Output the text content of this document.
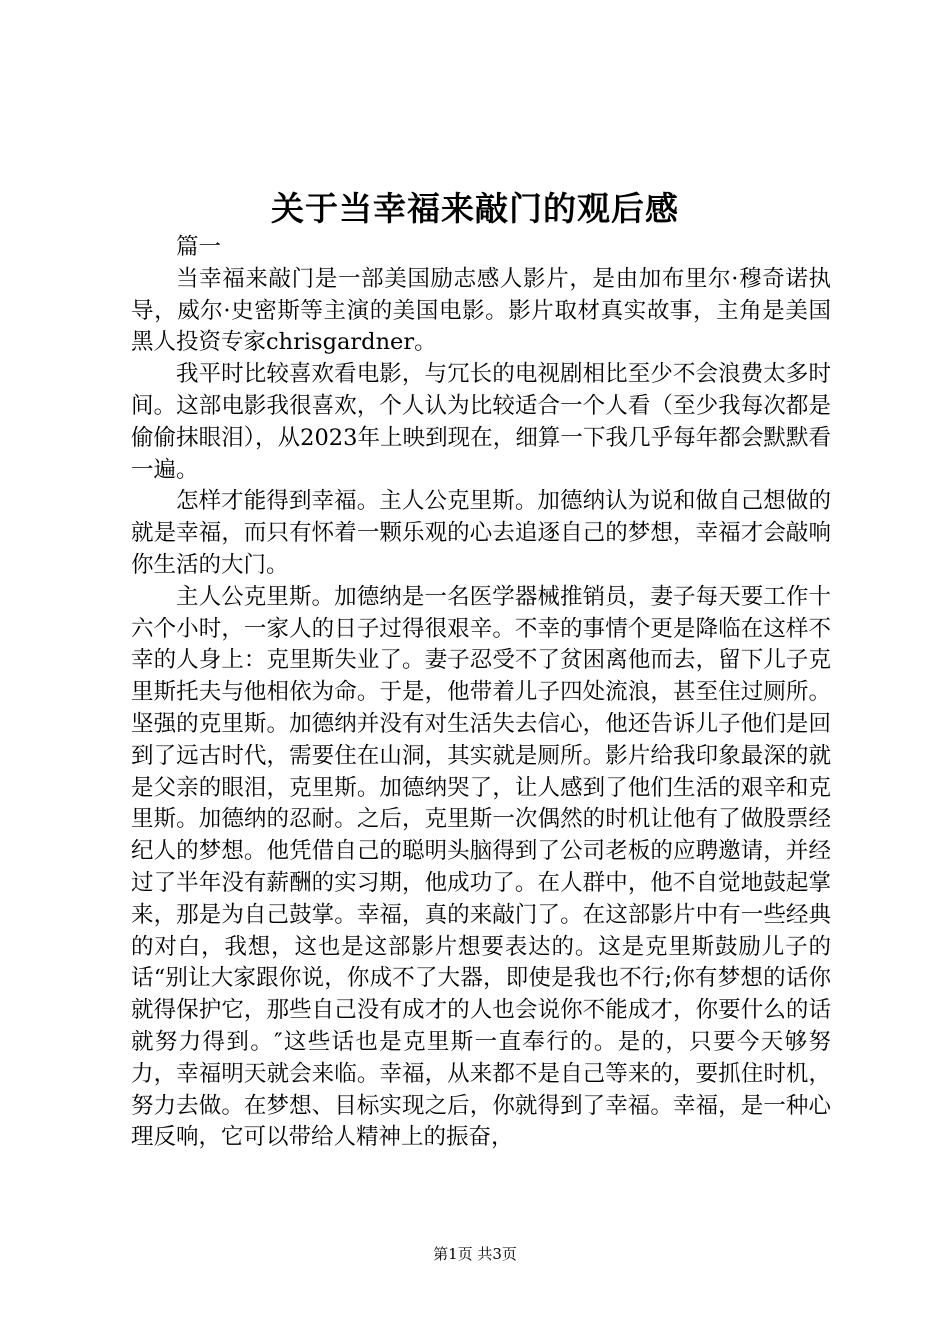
关于当幸福来敲门的观后感

篇一

当幸福来敲门是一部美国励志感人影片，是由加布里尔·穆奇诺执导，威尔·史密斯等主演的美国电影。影片取材真实故事，主角是美国黑人投资专家chrisgardner。

我平时比较喜欢看电影，与冗长的电视剧相比至少不会浪费太多时间。这部电影我很喜欢，个人认为比较适合一个人看（至少我每次都是偷偷抹眼泪），从2023年上映到现在，细算一下我几乎每年都会默默看一遍。

怎样才能得到幸福。主人公克里斯。加德纳认为说和做自己想做的就是幸福，而只有怀着一颗乐观的心去追逐自己的梦想，幸福才会敲响你生活的大门。

主人公克里斯。加德纳是一名医学器械推销员，妻子每天要工作十六个小时，一家人的日子过得很艰辛。不幸的事情个更是降临在这样不幸的人身上：克里斯失业了。妻子忍受不了贫困离他而去，留下儿子克里斯托夫与他相依为命。于是，他带着儿子四处流浪，甚至住过厕所。坚强的克里斯。加德纳并没有对生活失去信心，他还告诉儿子他们是回到了远古时代，需要住在山洞，其实就是厕所。影片给我印象最深的就是父亲的眼泪，克里斯。加德纳哭了，让人感到了他们生活的艰辛和克里斯。加德纳的忍耐。之后，克里斯一次偶然的时机让他有了做股票经纪人的梦想。他凭借自己的聪明头脑得到了公司老板的应聘邀请，并经过了半年没有薪酬的实习期，他成功了。在人群中，他不自觉地鼓起掌来，那是为自己鼓掌。幸福，真的来敲门了。在这部影片中有一些经典的对白，我想，这也是这部影片想要表达的。这是克里斯鼓励儿子的话“别让大家跟你说，你成不了大器，即使是我也不行;你有梦想的话你就得保护它，那些自己没有成才的人也会说你不能成才，你要什么的话就努力得到。″这些话也是克里斯一直奉行的。是的，只要今天够努力，幸福明天就会来临。幸福，从来都不是自己等来的，要抓住时机，努力去做。在梦想、目标实现之后，你就得到了幸福。幸福，是一种心理反响，它可以带给人精神上的振奋，

第1页 共3页
